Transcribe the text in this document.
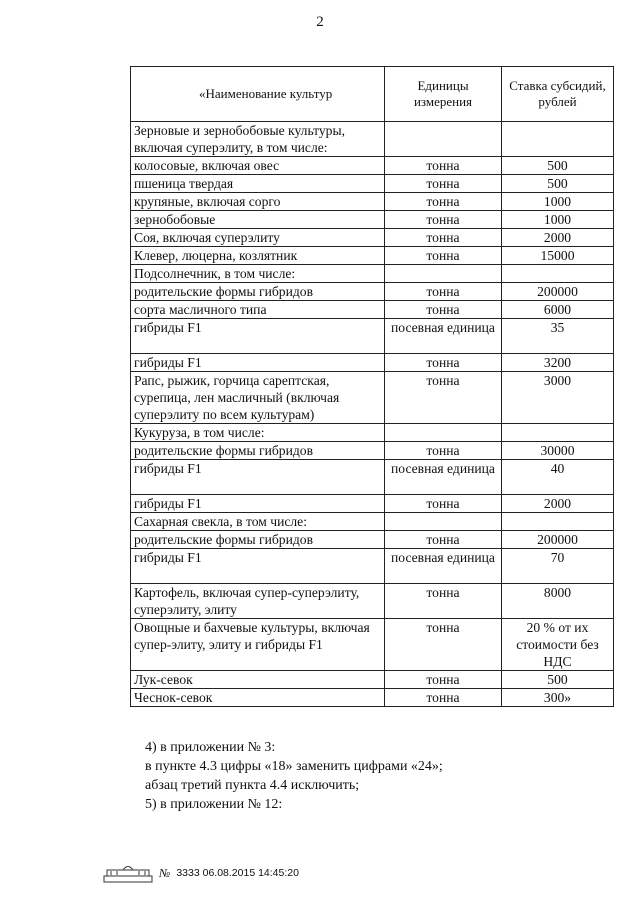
2
«Наименование культур	Единицы измерения	Ставка субсидий, рублей
Зерновые и зернобобовые культуры, включая суперэлиту, в том числе:		
колосовые, включая овес	тонна	500
пшеница твердая	тонна	500
крупяные, включая сорго	тонна	1000
зернобобовые	тонна	1000
Соя, включая суперэлиту	тонна	2000
Клевер, люцерна, козлятник	тонна	15000
Подсолнечник, в том числе:		
родительские формы гибридов	тонна	200000
сорта масличного типа	тонна	6000
гибриды F1	посевная единица	35
гибриды F1	тонна	3200
Рапс, рыжик, горчица сарептская, сурепица, лен масличный (включая суперэлиту по всем культурам)	тонна	3000
Кукуруза, в том числе:		
родительские формы гибридов	тонна	30000
гибриды F1	посевная единица	40
гибриды F1	тонна	2000
Сахарная свекла, в том числе:		
родительские формы гибридов	тонна	200000
гибриды F1	посевная единица	70
Картофель, включая супер-суперэлиту, суперэлиту, элиту	тонна	8000
Овощные и бахчевые культуры, включая супер-элиту, элиту и гибриды F1	тонна	20 % от их стоимости без НДС
Лук-севок	тонна	500
Чеснок-севок	тонна	300»

4) в приложении № 3:

в пункте 4.3 цифры «18» заменить цифрами «24»;

абзац третий пункта 4.4 исключить;

5) в приложении № 12:

№ 3333 06.08.2015 14:45:20
